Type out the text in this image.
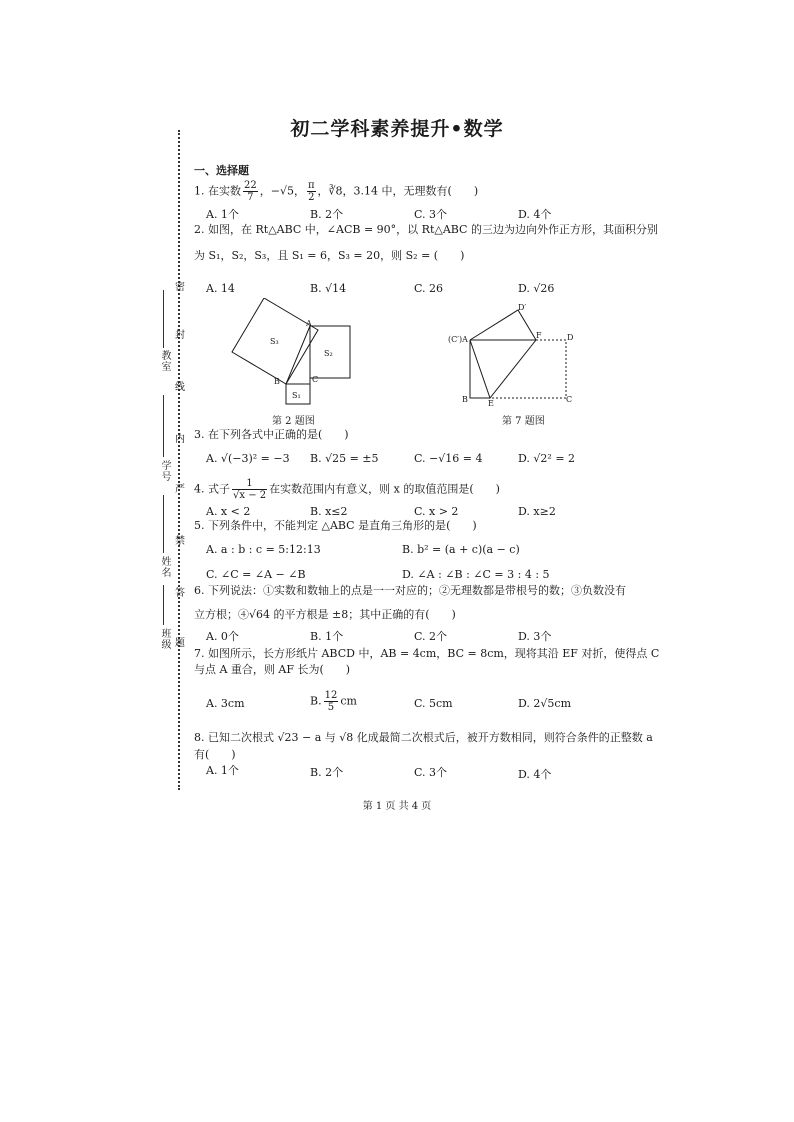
密
封
线
内
严
禁
答
题
教室
学号
姓名
班级
初二学科素养提升•数学
一、选择题
1. 在实数 $\frac{22}{7}$ ，−√5， $\frac{\pi}{2}$ ，∛8，3.14 中，无理数有(　　)
A. 1个	B. 2个	C. 3个	D. 4个
2. 如图，在 Rt△ABC 中，∠ACB = 90°，以 Rt△ABC 的三边为边向外作正方形，其面积分别
为 S₁，S₂，S₃，且 S₁ = 6，S₃ = 20，则 S₂ = (　　)
A. 14	B. √14	C. 26	D. √26
S₃
S₂
S₁
A
B	C
第 2 题图
(C′)A
D′
F	D
B	E	C
第 7 题图
3. 在下列各式中正确的是(　　)
A. √(−3)² = −3 B. √25 = ±5	C. −√16 = 4	D. √2² = 2
4. 式子 $\frac{1}{√x - 2}$ 在实数范围内有意义，则 x 的取值范围是(　　)
A. x < 2	B. x≤2	C. x > 2	D. x≥2
5. 下列条件中，不能判定 △ABC 是直角三角形的是(　　)
A. a : b : c = 5:12:13	B. b² = (a + c)(a − c)
C. ∠C = ∠A − ∠B	D. ∠A : ∠B : ∠C = 3 : 4 : 5
6. 下列说法：①实数和数轴上的点是一一对应的；②无理数都是带根号的数；③负数没有
立方根；④√64 的平方根是 ±8；其中正确的有(　　)
A. 0个	B. 1个	C. 2个	D. 3个
7. 如图所示，长方形纸片 ABCD 中，AB = 4cm，BC = 8cm，现将其沿 EF 对折，使得点 C
与点 A 重合，则 AF 长为(　　)
A. 3cm	B. $\frac{12}{5}$ cm	C. 5cm	D. 2√5cm
8. 已知二次根式 √23 − a 与 √8 化成最简二次根式后，被开方数相同，则符合条件的正整数 a
有(　　)
A. 1个	B. 2个	C. 3个	D. 4个
第 1 页 共 4 页
